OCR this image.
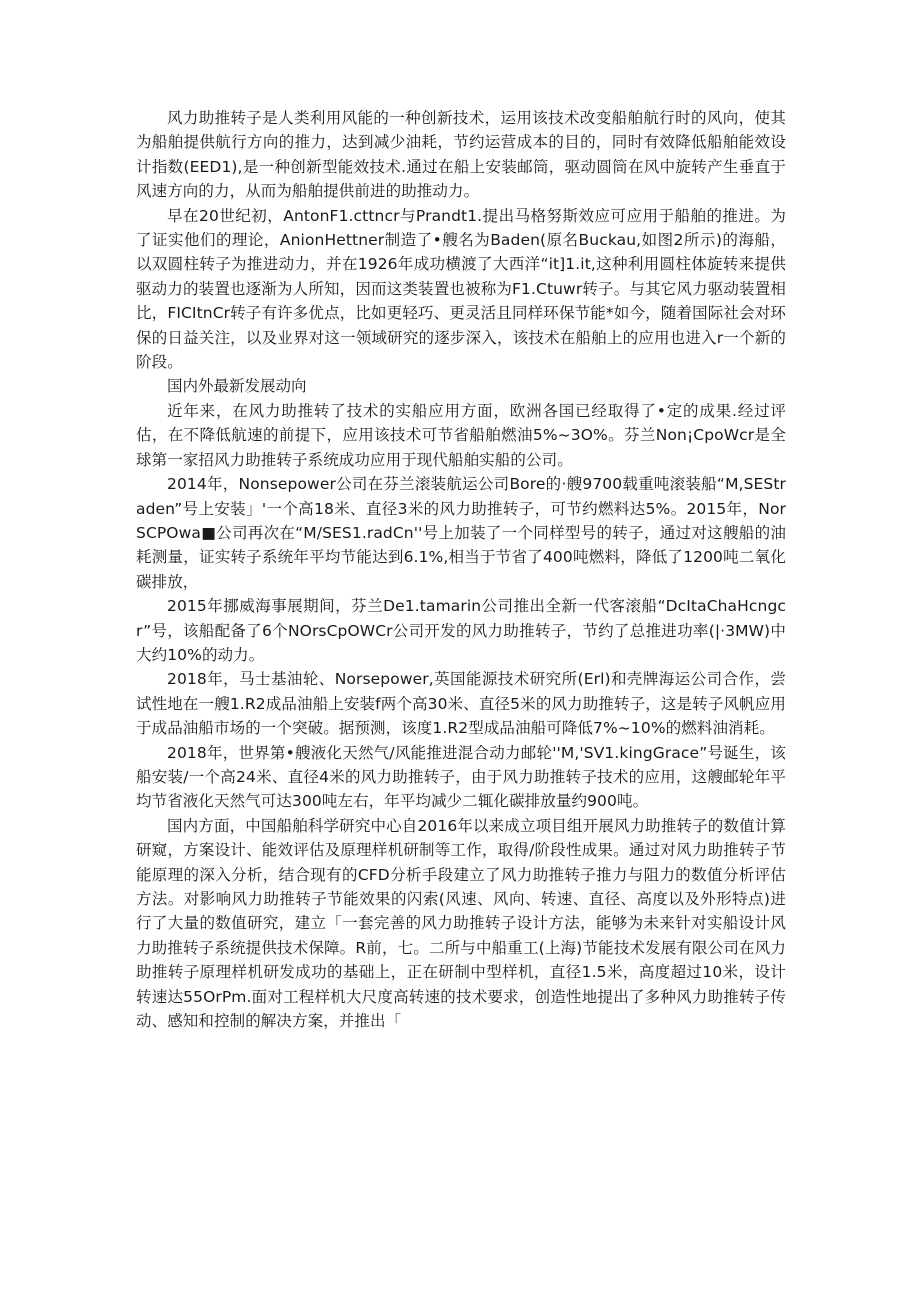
风力助推转子是人类利用风能的一种创新技术，运用该技术改变船舶航行时的风向，使其为船舶提供航行方向的推力，达到减少油耗，节约运营成本的目的，同时有效降低船舶能效设计指数(EED1),是一种创新型能效技术.通过在船上安装邮筒，驱动圆筒在风中旋转产生垂直于风速方向的力，从而为船舶提供前进的助推动力。

早在20世纪初，AntonF1.cttncr与Prandt1.提出马格努斯效应可应用于船舶的推进。为了证实他们的理论，AnionHettner制造了•艘名为Baden(原名Buckau,如图2所示)的海船，以双圆柱转子为推进动力，并在1926年成功横渡了大西洋“it]1.it,这种利用圆柱体旋转来提供驱动力的装置也逐渐为人所知，因而这类装置也被称为F1.Ctuwr转子。与其它风力驱动装置相比，FICItnCr转子有许多优点，比如更轻巧、更灵活且同样环保节能*如今，随着国际社会对环保的日益关注，以及业界对这一领域研究的逐步深入，该技术在船舶上的应用也进入r一个新的阶段。

国内外最新发展动向

近年来，在风力助推转了技术的实船应用方面，欧洲各国已经取得了•定的成果.经过评估，在不降低航速的前提下，应用该技术可节省船舶燃油5%~3O%。芬兰Non¡CpoWcr是全球第一家招风力助推转子系统成功应用于现代船舶实船的公司。

2014年，Nonsepower公司在芬兰滚装航运公司Bore的·艘9700载重吨滚装船“M,SEStraden”号上安装」'一个高18米、直径3米的风力助推转子，可节约燃料达5%。2015年，NorSCPOwa■公司再次在“M/SES1.radCn''号上加装了一个同样型号的转子，通过对这艘船的油耗测量，证实转子系统年平均节能达到6.1%,相当于节省了400吨燃料，降低了1200吨二氧化碳排放，

2015年挪威海事展期间，芬兰De1.tamarin公司推出全新一代客滚船“DcItaChaHcngcr”号，该船配备了6个NOrsCpOWCr公司开发的风力助推转子，节约了总推进功率(|·3MW)中大约10%的动力。

2018年，马士基油轮、Norsepower,英国能源技术研究所(Erl)和壳牌海运公司合作，尝试性地在一艘1.R2成品油船上安装f两个高30米、直径5米的风力助推转子，这是转子风帆应用于成品油船市场的一个突破。据预测，该度1.R2型成品油船可降低7%~10%的燃料油消耗。

2018年，世界第•艘液化天然气/风能推进混合动力邮轮''M,'SV1.kingGrace”号诞生，该船安装/一个高24米、直径4米的风力助推转子，由于风力助推转子技术的应用，这艘邮轮年平均节省液化天然气可达300吨左右，年平均减少二辄化碳排放量约900吨。

国内方面，中国船舶科学研究中心自2016年以来成立项目组开展风力助推转子的数值计算研窥，方案设计、能效评估及原理样机研制等工作，取得/阶段性成果。通过对风力助推转子节能原理的深入分析，结合现有的CFD分析手段建立了风力助推转子推力与阻力的数值分析评估方法。对影响风力助推转子节能效果的闪索(风速、风向、转速、直径、高度以及外形特点)进行了大量的数值研究，建立「一套完善的风力助推转子设计方法，能够为未来针对实船设计风力助推转子系统提供技术保障。R前，七。二所与中船重工(上海)节能技术发展有限公司在风力助推转子原理样机研发成功的基础上，正在研制中型样机，直径1.5米，高度超过10米，设计转速达55OrPm.面对工程样机大尺度高转速的技术要求，创造性地提出了多种风力助推转子传动、感知和控制的解决方案，并推出「
